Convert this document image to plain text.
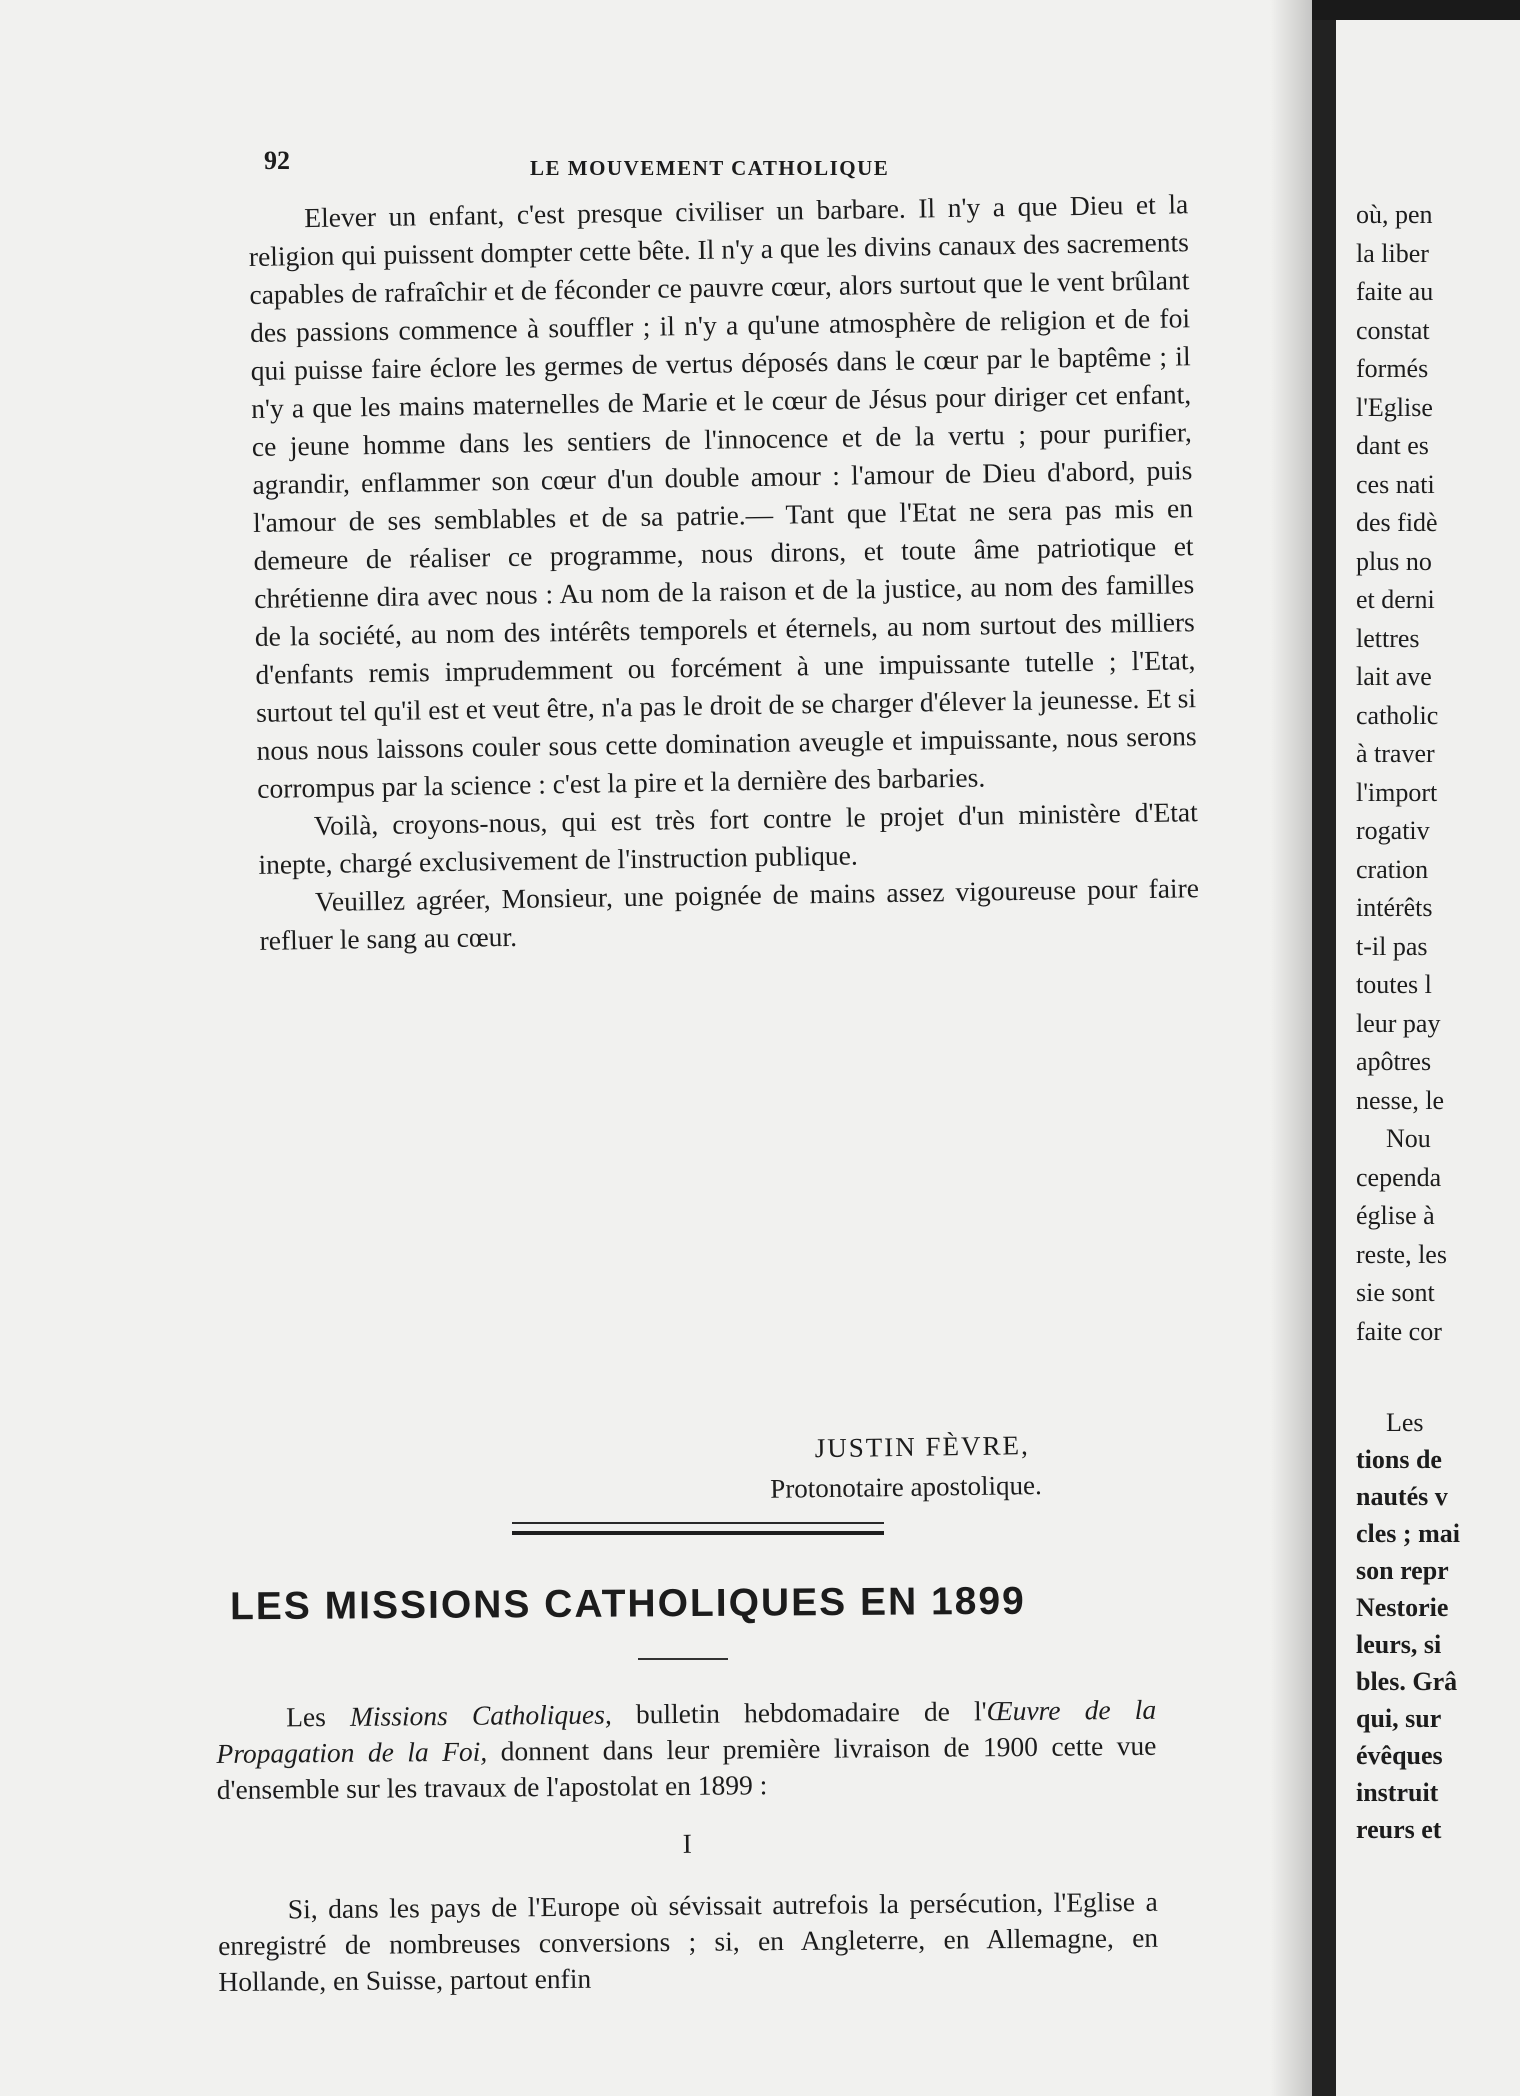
92	LE MOUVEMENT CATHOLIQUE

Elever un enfant, c'est presque civiliser un barbare. Il n'y a que Dieu et la religion qui puissent dompter cette bête. Il n'y a que les divins canaux des sacrements capables de rafraîchir et de féconder ce pauvre cœur, alors surtout que le vent brûlant des passions commence à souffler ; il n'y a qu'une atmosphère de religion et de foi qui puisse faire éclore les germes de vertus déposés dans le cœur par le baptême ; il n'y a que les mains maternelles de Marie et le cœur de Jésus pour diriger cet enfant, ce jeune homme dans les sentiers de l'innocence et de la vertu ; pour purifier, agrandir, enflammer son cœur d'un double amour : l'amour de Dieu d'abord, puis l'amour de ses semblables et de sa patrie.— Tant que l'Etat ne sera pas mis en demeure de réaliser ce programme, nous dirons, et toute âme patriotique et chrétienne dira avec nous : Au nom de la raison et de la justice, au nom des familles de la société, au nom des intérêts temporels et éternels, au nom surtout des milliers d'enfants remis imprudemment ou forcément à une impuissante tutelle ; l'Etat, surtout tel qu'il est et veut être, n'a pas le droit de se charger d'élever la jeunesse. Et si nous nous laissons couler sous cette domination aveugle et impuissante, nous serons corrompus par la science : c'est la pire et la dernière des barbaries.

Voilà, croyons-nous, qui est très fort contre le projet d'un ministère d'Etat inepte, chargé exclusivement de l'instruction publique.

Veuillez agréer, Monsieur, une poignée de mains assez vigoureuse pour faire refluer le sang au cœur.

JUSTIN FÈVRE,
Protonotaire apostolique.
LES MISSIONS CATHOLIQUES EN 1899

Les Missions Catholiques, bulletin hebdomadaire de l'Œuvre de la Propagation de la Foi, donnent dans leur première livraison de 1900 cette vue d'ensemble sur les travaux de l'apostolat en 1899 :

I

Si, dans les pays de l'Europe où sévissait autrefois la persécution, l'Eglise a enregistré de nombreuses conversions ; si, en Angleterre, en Allemagne, en Hollande, en Suisse, partout enfin

où, pen
la liber
faite au
constat
formés
l'Eglise
dant es
ces nati
des fidè
plus no
et derni
lettres
lait ave
catholic
à traver
l'import
rogativ
cration
intérêts
t-il pas
toutes l
leur pay
apôtres
nesse, le
Nou
cependa
église à
reste, les
sie sont
faite cor
Les
tions de
nautés v
cles ; mai
son repr
Nestorie
leurs, si
bles. Grâ
qui, sur
évêques
instruit
reurs et
